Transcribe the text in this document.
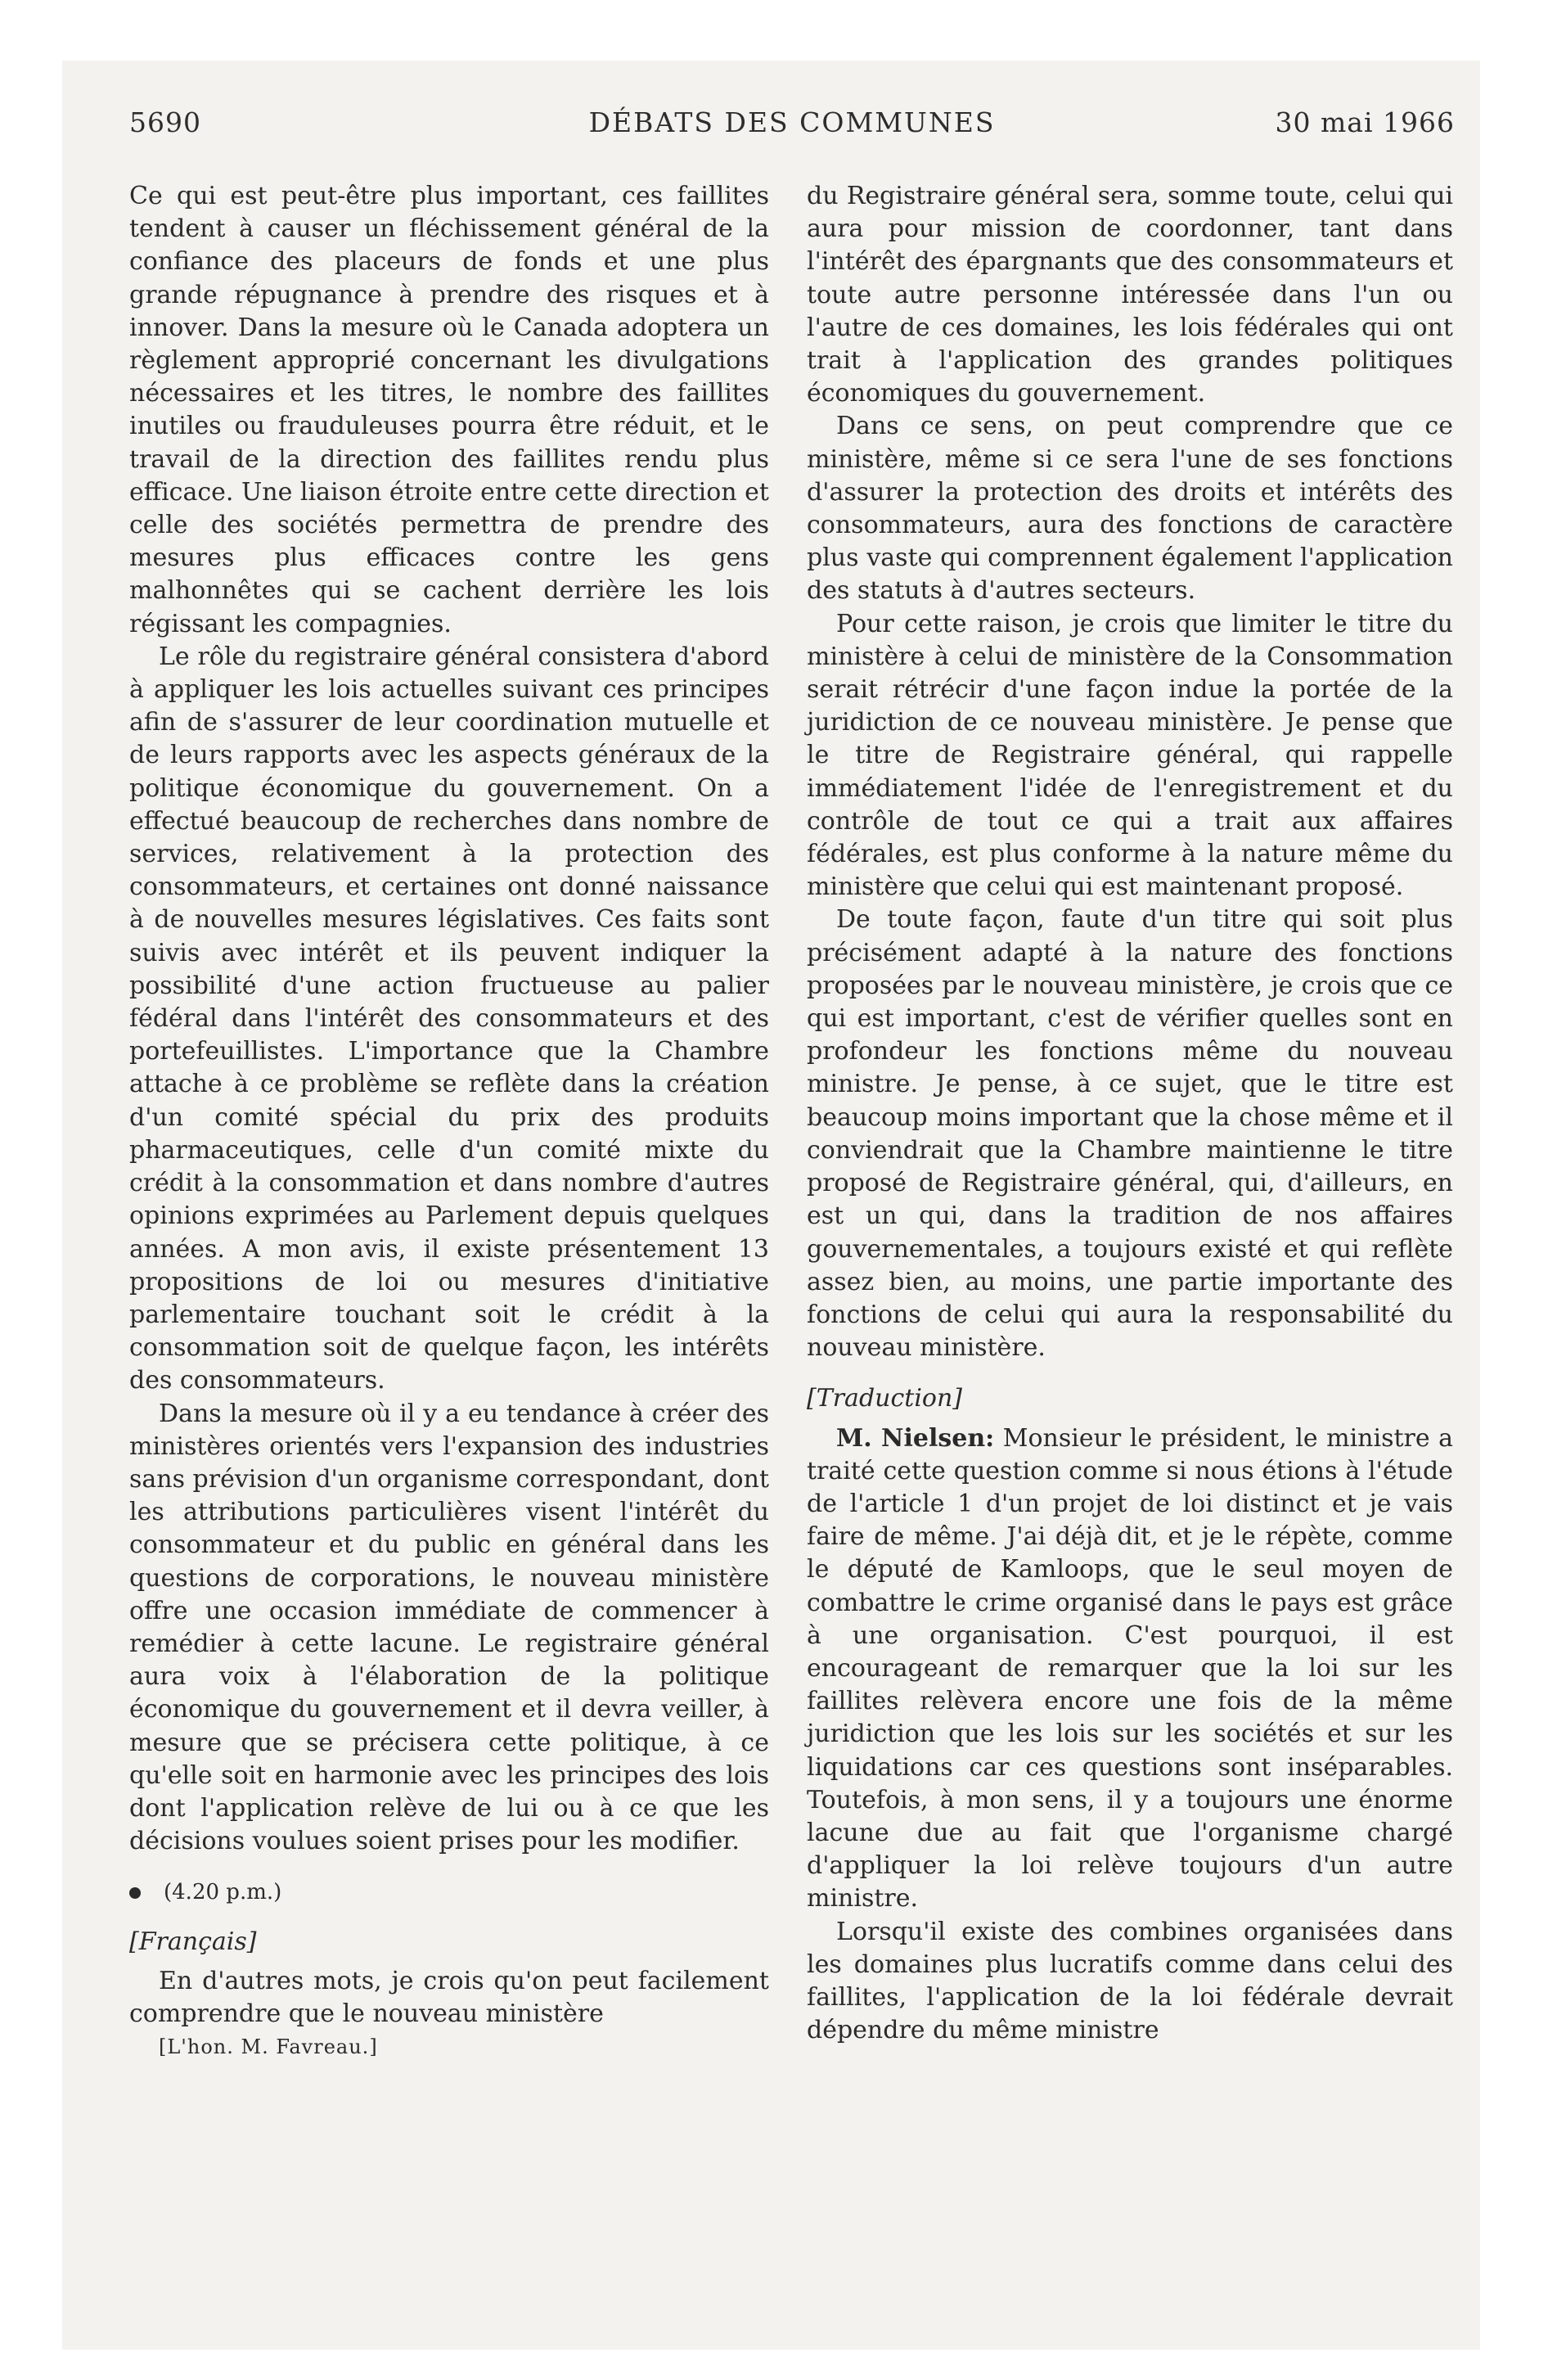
5690	DÉBATS DES COMMUNES	30 mai 1966

Ce qui est peut-être plus important, ces faillites tendent à causer un fléchissement général de la confiance des placeurs de fonds et une plus grande répugnance à prendre des risques et à innover. Dans la mesure où le Canada adoptera un règlement approprié concernant les divulgations nécessaires et les titres, le nombre des faillites inutiles ou frauduleuses pourra être réduit, et le travail de la direction des faillites rendu plus efficace. Une liaison étroite entre cette direction et celle des sociétés permettra de prendre des mesures plus efficaces contre les gens malhonnêtes qui se cachent derrière les lois régissant les compagnies.

Le rôle du registraire général consistera d'abord à appliquer les lois actuelles suivant ces principes afin de s'assurer de leur coordination mutuelle et de leurs rapports avec les aspects généraux de la politique économique du gouvernement. On a effectué beaucoup de recherches dans nombre de services, relativement à la protection des consommateurs, et certaines ont donné naissance à de nouvelles mesures législatives. Ces faits sont suivis avec intérêt et ils peuvent indiquer la possibilité d'une action fructueuse au palier fédéral dans l'intérêt des consommateurs et des portefeuillistes. L'importance que la Chambre attache à ce problème se reflète dans la création d'un comité spécial du prix des produits pharmaceutiques, celle d'un comité mixte du crédit à la consommation et dans nombre d'autres opinions exprimées au Parlement depuis quelques années. A mon avis, il existe présentement 13 propositions de loi ou mesures d'initiative parlementaire touchant soit le crédit à la consommation soit de quelque façon, les intérêts des consommateurs.

Dans la mesure où il y a eu tendance à créer des ministères orientés vers l'expansion des industries sans prévision d'un organisme correspondant, dont les attributions particulières visent l'intérêt du consommateur et du public en général dans les questions de corporations, le nouveau ministère offre une occasion immédiate de commencer à remédier à cette lacune. Le registraire général aura voix à l'élaboration de la politique économique du gouvernement et il devra veiller, à mesure que se précisera cette politique, à ce qu'elle soit en harmonie avec les principes des lois dont l'application relève de lui ou à ce que les décisions voulues soient prises pour les modifier.

(4.20 p.m.)

[Français]

En d'autres mots, je crois qu'on peut facilement comprendre que le nouveau ministère

[L'hon. M. Favreau.]

du Registraire général sera, somme toute, celui qui aura pour mission de coordonner, tant dans l'intérêt des épargnants que des consommateurs et toute autre personne intéressée dans l'un ou l'autre de ces domaines, les lois fédérales qui ont trait à l'application des grandes politiques économiques du gouvernement.

Dans ce sens, on peut comprendre que ce ministère, même si ce sera l'une de ses fonctions d'assurer la protection des droits et intérêts des consommateurs, aura des fonctions de caractère plus vaste qui comprennent également l'application des statuts à d'autres secteurs.

Pour cette raison, je crois que limiter le titre du ministère à celui de ministère de la Consommation serait rétrécir d'une façon indue la portée de la juridiction de ce nouveau ministère. Je pense que le titre de Registraire général, qui rappelle immédiatement l'idée de l'enregistrement et du contrôle de tout ce qui a trait aux affaires fédérales, est plus conforme à la nature même du ministère que celui qui est maintenant proposé.

De toute façon, faute d'un titre qui soit plus précisément adapté à la nature des fonctions proposées par le nouveau ministère, je crois que ce qui est important, c'est de vérifier quelles sont en profondeur les fonctions même du nouveau ministre. Je pense, à ce sujet, que le titre est beaucoup moins important que la chose même et il conviendrait que la Chambre maintienne le titre proposé de Registraire général, qui, d'ailleurs, en est un qui, dans la tradition de nos affaires gouvernementales, a toujours existé et qui reflète assez bien, au moins, une partie importante des fonctions de celui qui aura la responsabilité du nouveau ministère.

[Traduction]

M. Nielsen: Monsieur le président, le ministre a traité cette question comme si nous étions à l'étude de l'article 1 d'un projet de loi distinct et je vais faire de même. J'ai déjà dit, et je le répète, comme le député de Kamloops, que le seul moyen de combattre le crime organisé dans le pays est grâce à une organisation. C'est pourquoi, il est encourageant de remarquer que la loi sur les faillites relèvera encore une fois de la même juridiction que les lois sur les sociétés et sur les liquidations car ces questions sont inséparables. Toutefois, à mon sens, il y a toujours une énorme lacune due au fait que l'organisme chargé d'appliquer la loi relève toujours d'un autre ministre.

Lorsqu'il existe des combines organisées dans les domaines plus lucratifs comme dans celui des faillites, l'application de la loi fédérale devrait dépendre du même ministre
